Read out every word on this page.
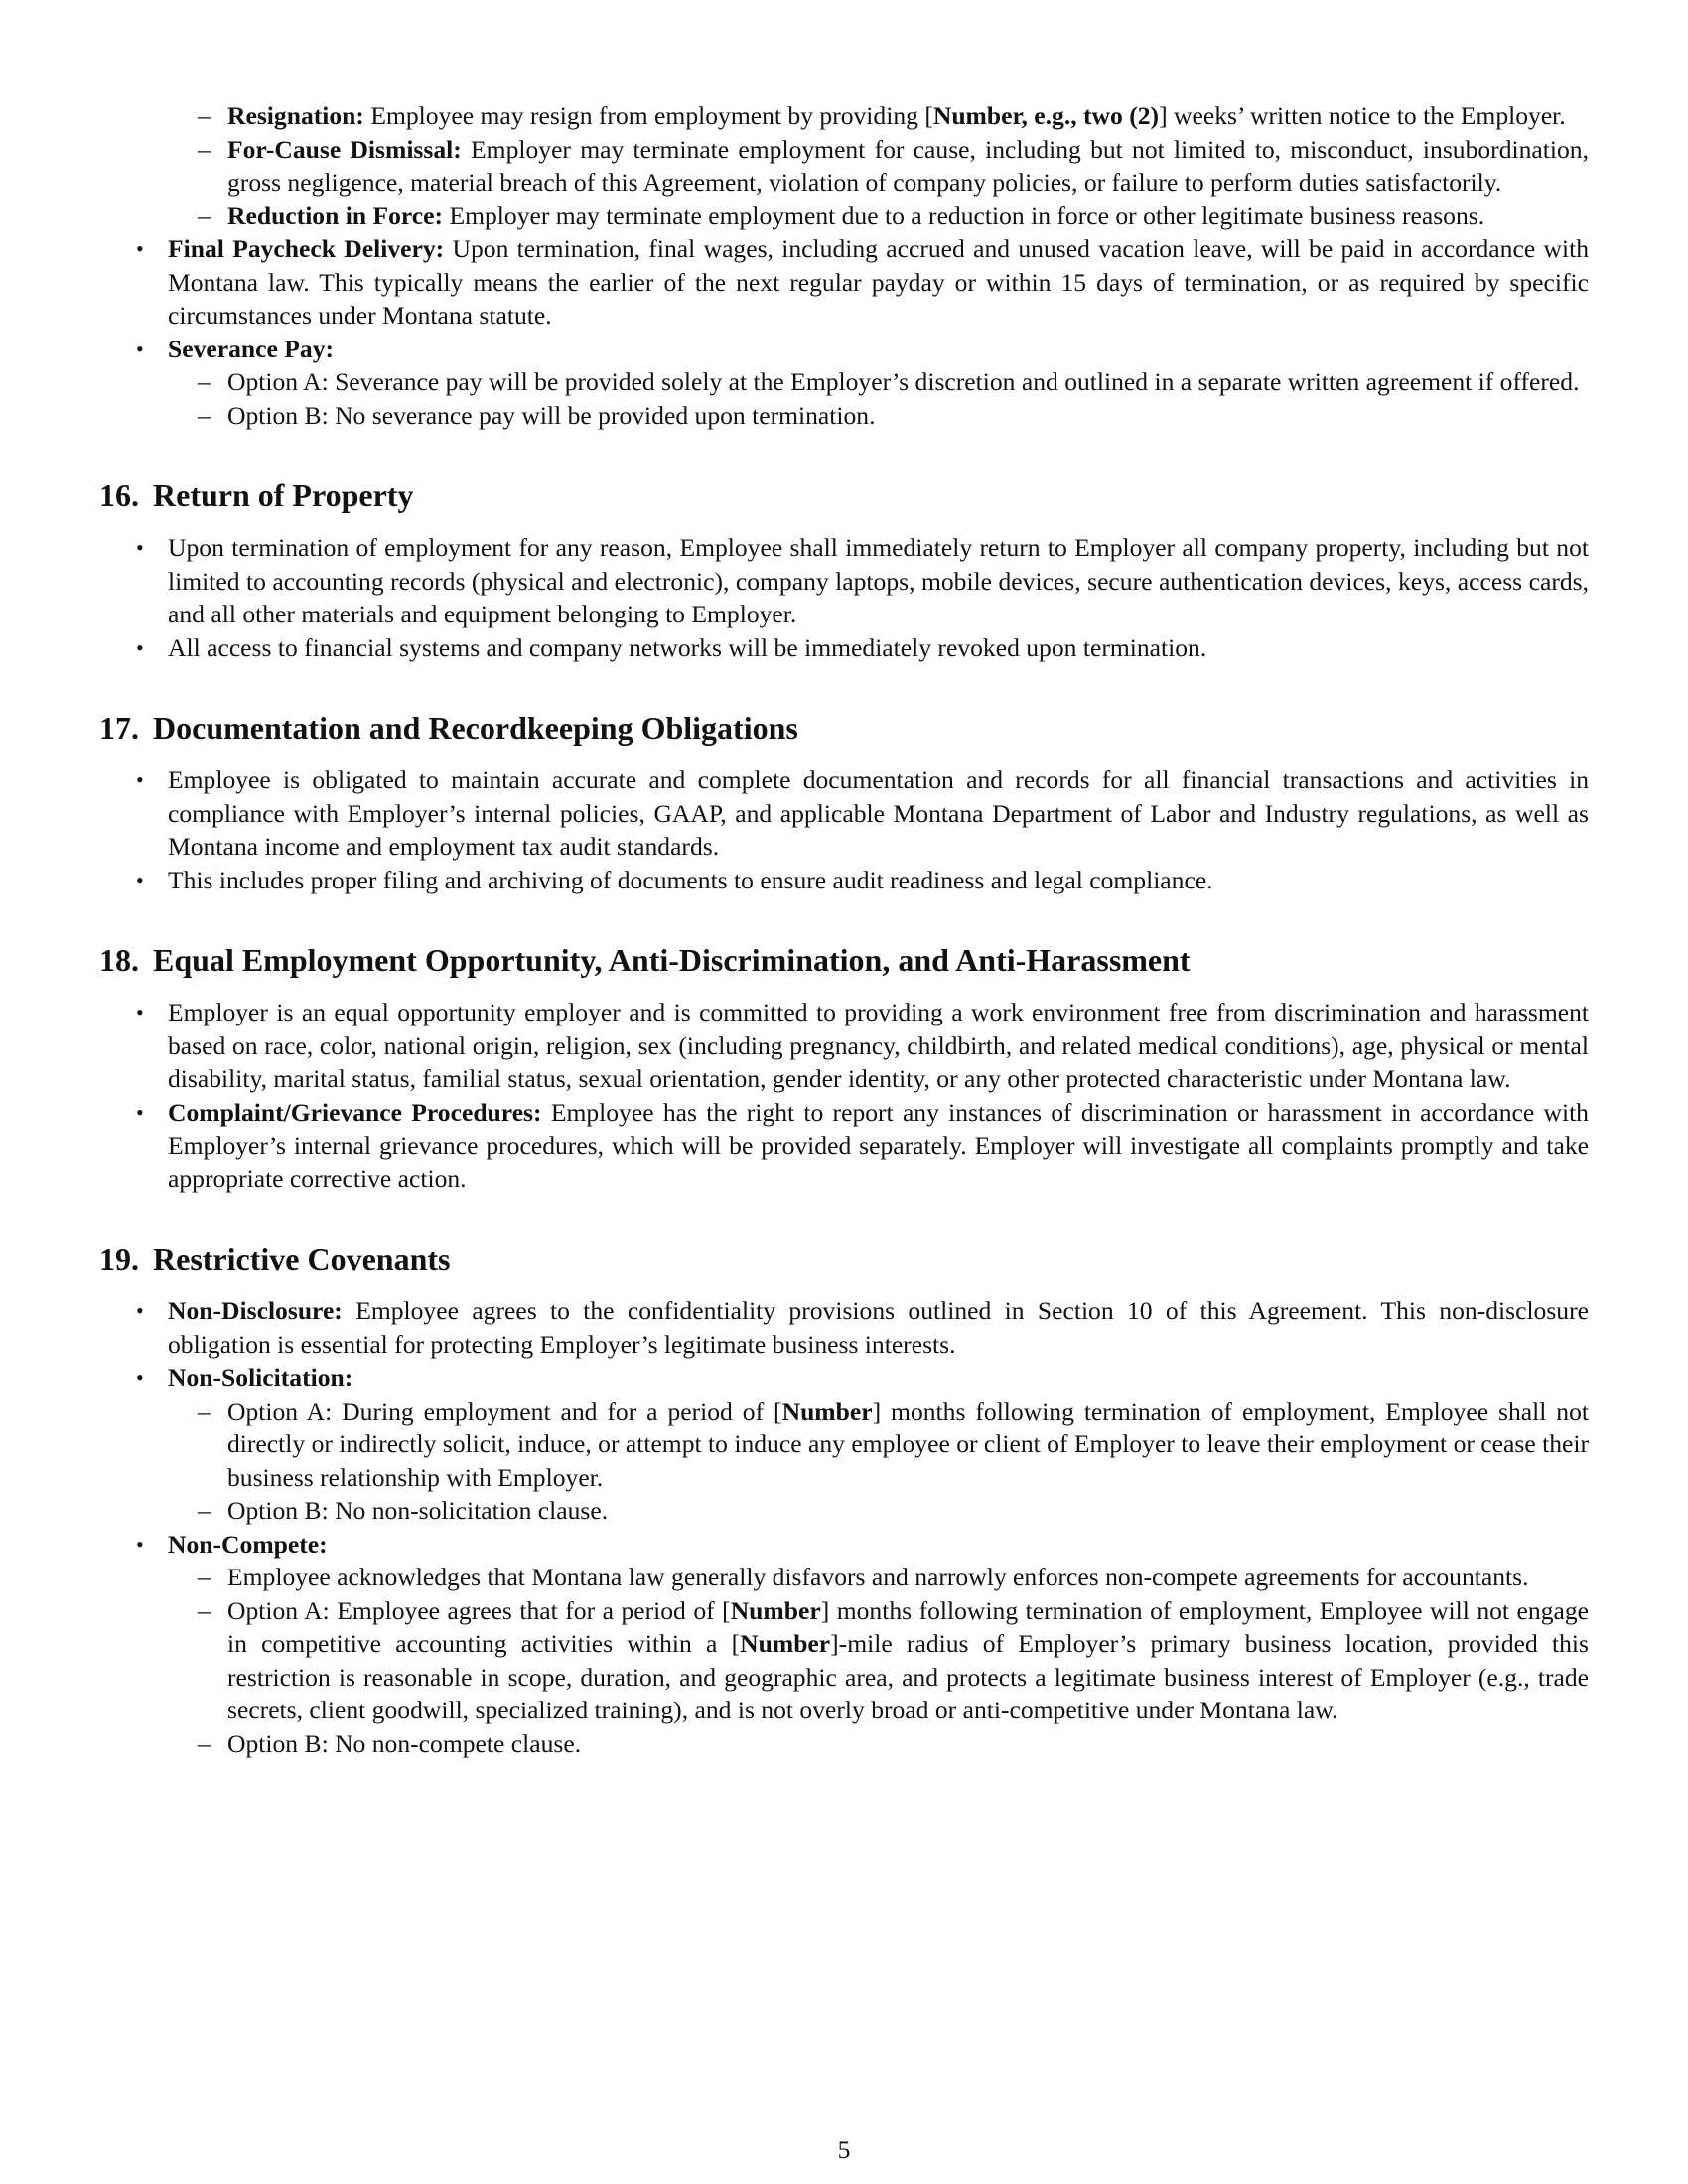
– Resignation: Employee may resign from employment by providing [Number, e.g., two (2)] weeks’ written notice to the Employer.
– For-Cause Dismissal: Employer may terminate employment for cause, including but not limited to, misconduct, insubordination, gross negligence, material breach of this Agreement, violation of company policies, or failure to perform duties satisfactorily.
– Reduction in Force: Employer may terminate employment due to a reduction in force or other legitimate business reasons.
• Final Paycheck Delivery: Upon termination, final wages, including accrued and unused vacation leave, will be paid in accordance with Montana law. This typically means the earlier of the next regular payday or within 15 days of termination, or as required by specific circumstances under Montana statute.
• Severance Pay:
– Option A: Severance pay will be provided solely at the Employer’s discretion and outlined in a separate written agreement if offered.
– Option B: No severance pay will be provided upon termination.
16. Return of Property
• Upon termination of employment for any reason, Employee shall immediately return to Employer all company property, including but not limited to accounting records (physical and electronic), company laptops, mobile devices, secure authentication devices, keys, access cards, and all other materials and equipment belonging to Employer.
• All access to financial systems and company networks will be immediately revoked upon termination.
17. Documentation and Recordkeeping Obligations
• Employee is obligated to maintain accurate and complete documentation and records for all financial transactions and activities in compliance with Employer’s internal policies, GAAP, and applicable Montana Department of Labor and Industry regulations, as well as Montana income and employment tax audit standards.
• This includes proper filing and archiving of documents to ensure audit readiness and legal compliance.
18. Equal Employment Opportunity, Anti-Discrimination, and Anti-Harassment
• Employer is an equal opportunity employer and is committed to providing a work environment free from discrimination and harassment based on race, color, national origin, religion, sex (including pregnancy, childbirth, and related medical conditions), age, physical or mental disability, marital status, familial status, sexual orientation, gender identity, or any other protected characteristic under Montana law.
• Complaint/Grievance Procedures: Employee has the right to report any instances of discrimination or harassment in accordance with Employer’s internal grievance procedures, which will be provided separately. Employer will investigate all complaints promptly and take appropriate corrective action.
19. Restrictive Covenants
• Non-Disclosure: Employee agrees to the confidentiality provisions outlined in Section 10 of this Agreement. This non-disclosure obligation is essential for protecting Employer’s legitimate business interests.
• Non-Solicitation:
– Option A: During employment and for a period of [Number] months following termination of employment, Employee shall not directly or indirectly solicit, induce, or attempt to induce any employee or client of Employer to leave their employment or cease their business relationship with Employer.
– Option B: No non-solicitation clause.
• Non-Compete:
– Employee acknowledges that Montana law generally disfavors and narrowly enforces non-compete agreements for accountants.
– Option A: Employee agrees that for a period of [Number] months following termination of employment, Employee will not engage in competitive accounting activities within a [Number]-mile radius of Employer’s primary business location, provided this restriction is reasonable in scope, duration, and geographic area, and protects a legitimate business interest of Employer (e.g., trade secrets, client goodwill, specialized training), and is not overly broad or anti-competitive under Montana law.
– Option B: No non-compete clause.
5
